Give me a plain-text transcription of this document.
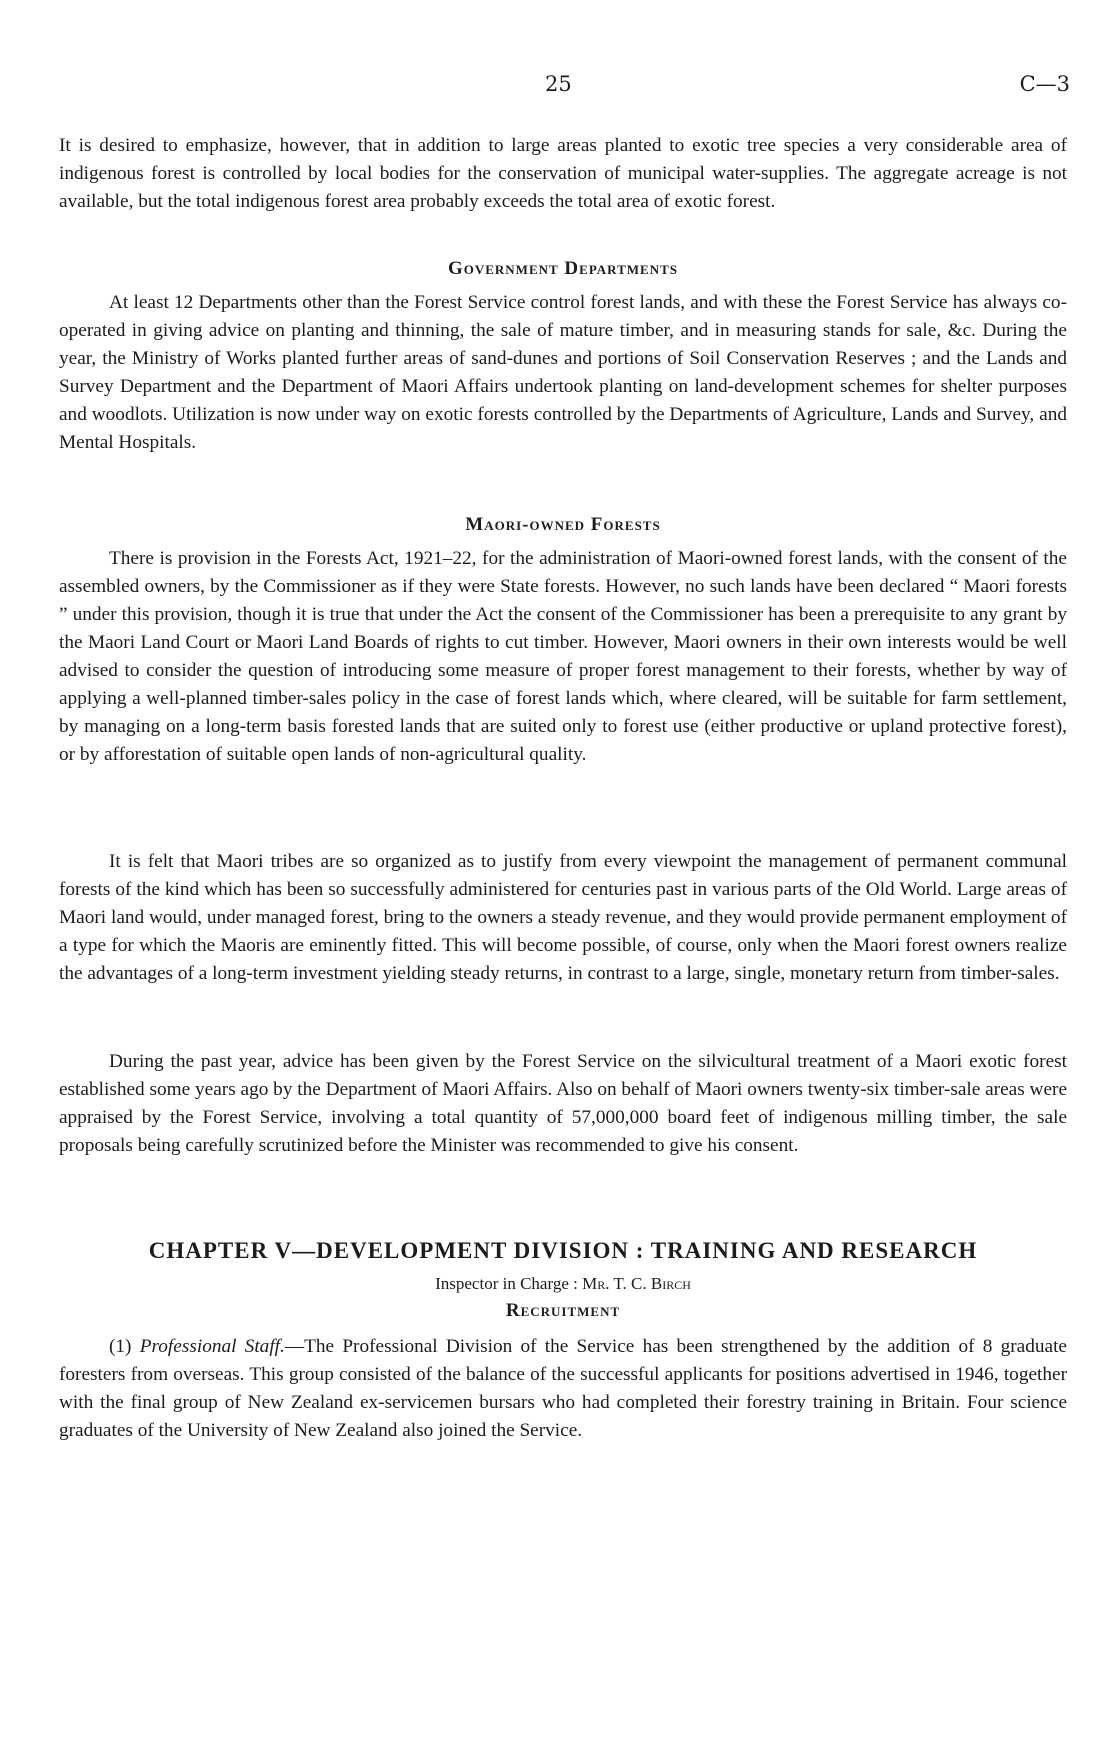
25	C—3

It is desired to emphasize, however, that in addition to large areas planted to exotic tree species a very considerable area of indigenous forest is controlled by local bodies for the conservation of municipal water-supplies. The aggregate acreage is not available, but the total indigenous forest area probably exceeds the total area of exotic forest.

Government Departments

At least 12 Departments other than the Forest Service control forest lands, and with these the Forest Service has always co-operated in giving advice on planting and thinning, the sale of mature timber, and in measuring stands for sale, &c. During the year, the Ministry of Works planted further areas of sand-dunes and portions of Soil Conservation Reserves ; and the Lands and Survey Department and the Department of Maori Affairs undertook planting on land-development schemes for shelter purposes and woodlots. Utilization is now under way on exotic forests controlled by the Departments of Agriculture, Lands and Survey, and Mental Hospitals.

Maori-owned Forests

There is provision in the Forests Act, 1921–22, for the administration of Maori-owned forest lands, with the consent of the assembled owners, by the Commissioner as if they were State forests. However, no such lands have been declared “ Maori forests ” under this provision, though it is true that under the Act the consent of the Commissioner has been a prerequisite to any grant by the Maori Land Court or Maori Land Boards of rights to cut timber. However, Maori owners in their own interests would be well advised to consider the question of introducing some measure of proper forest management to their forests, whether by way of applying a well-planned timber-sales policy in the case of forest lands which, where cleared, will be suitable for farm settlement, by managing on a long-term basis forested lands that are suited only to forest use (either productive or upland protective forest), or by afforestation of suitable open lands of non-agricultural quality.

It is felt that Maori tribes are so organized as to justify from every viewpoint the management of permanent communal forests of the kind which has been so successfully administered for centuries past in various parts of the Old World. Large areas of Maori land would, under managed forest, bring to the owners a steady revenue, and they would provide permanent employment of a type for which the Maoris are eminently fitted. This will become possible, of course, only when the Maori forest owners realize the advantages of a long-term investment yielding steady returns, in contrast to a large, single, monetary return from timber-sales.

During the past year, advice has been given by the Forest Service on the silvicultural treatment of a Maori exotic forest established some years ago by the Department of Maori Affairs. Also on behalf of Maori owners twenty-six timber-sale areas were appraised by the Forest Service, involving a total quantity of 57,000,000 board feet of indigenous milling timber, the sale proposals being carefully scrutinized before the Minister was recommended to give his consent.

CHAPTER V—DEVELOPMENT DIVISION : TRAINING AND RESEARCH

Inspector in Charge : Mr. T. C. Birch

Recruitment

(1) Professional Staff.—The Professional Division of the Service has been strengthened by the addition of 8 graduate foresters from overseas. This group consisted of the balance of the successful applicants for positions advertised in 1946, together with the final group of New Zealand ex-servicemen bursars who had completed their forestry training in Britain. Four science graduates of the University of New Zealand also joined the Service.
